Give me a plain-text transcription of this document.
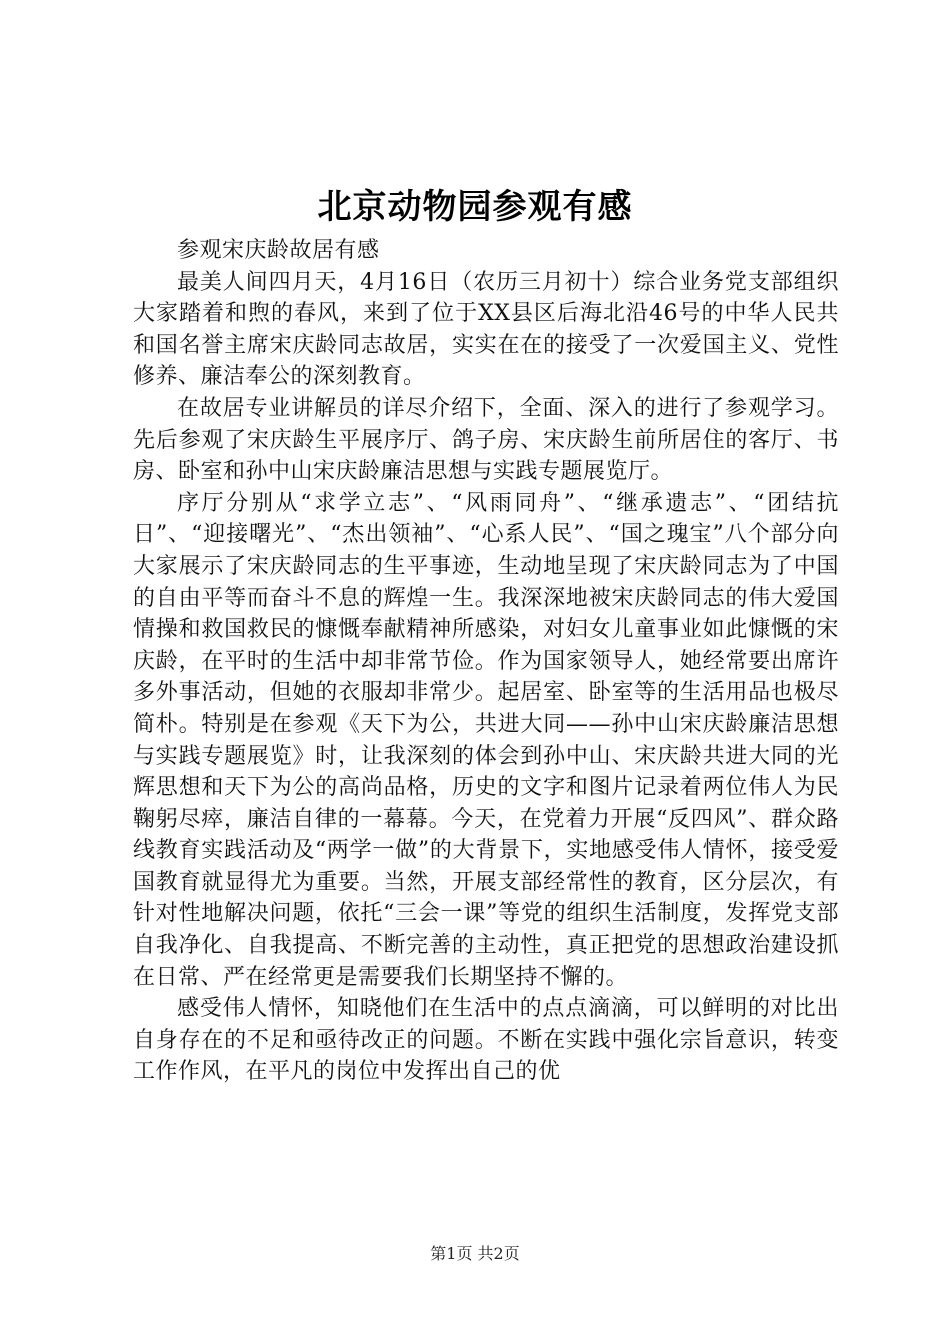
北京动物园参观有感

参观宋庆龄故居有感

最美人间四月天，4月16日（农历三月初十）综合业务党支部组织大家踏着和煦的春风，来到了位于XX县区后海北沿46号的中华人民共和国名誉主席宋庆龄同志故居，实实在在的接受了一次爱国主义、党性修养、廉洁奉公的深刻教育。

在故居专业讲解员的详尽介绍下，全面、深入的进行了参观学习。先后参观了宋庆龄生平展序厅、鸽子房、宋庆龄生前所居住的客厅、书房、卧室和孙中山宋庆龄廉洁思想与实践专题展览厅。

序厅分别从“求学立志”、“风雨同舟”、“继承遗志”、“团结抗日”、“迎接曙光”、“杰出领袖”、“心系人民”、“国之瑰宝”八个部分向大家展示了宋庆龄同志的生平事迹，生动地呈现了宋庆龄同志为了中国的自由平等而奋斗不息的辉煌一生。我深深地被宋庆龄同志的伟大爱国情操和救国救民的慷慨奉献精神所感染，对妇女儿童事业如此慷慨的宋庆龄，在平时的生活中却非常节俭。作为国家领导人，她经常要出席许多外事活动，但她的衣服却非常少。起居室、卧室等的生活用品也极尽简朴。特别是在参观《天下为公，共进大同——孙中山宋庆龄廉洁思想与实践专题展览》时，让我深刻的体会到孙中山、宋庆龄共进大同的光辉思想和天下为公的高尚品格，历史的文字和图片记录着两位伟人为民鞠躬尽瘁，廉洁自律的一幕幕。今天，在党着力开展“反四风”、群众路线教育实践活动及“两学一做”的大背景下，实地感受伟人情怀，接受爱国教育就显得尤为重要。当然，开展支部经常性的教育，区分层次，有针对性地解决问题，依托“三会一课”等党的组织生活制度，发挥党支部自我净化、自我提高、不断完善的主动性，真正把党的思想政治建设抓在日常、严在经常更是需要我们长期坚持不懈的。

感受伟人情怀，知晓他们在生活中的点点滴滴，可以鲜明的对比出自身存在的不足和亟待改正的问题。不断在实践中强化宗旨意识，转变工作作风，在平凡的岗位中发挥出自己的优

第1页 共2页
